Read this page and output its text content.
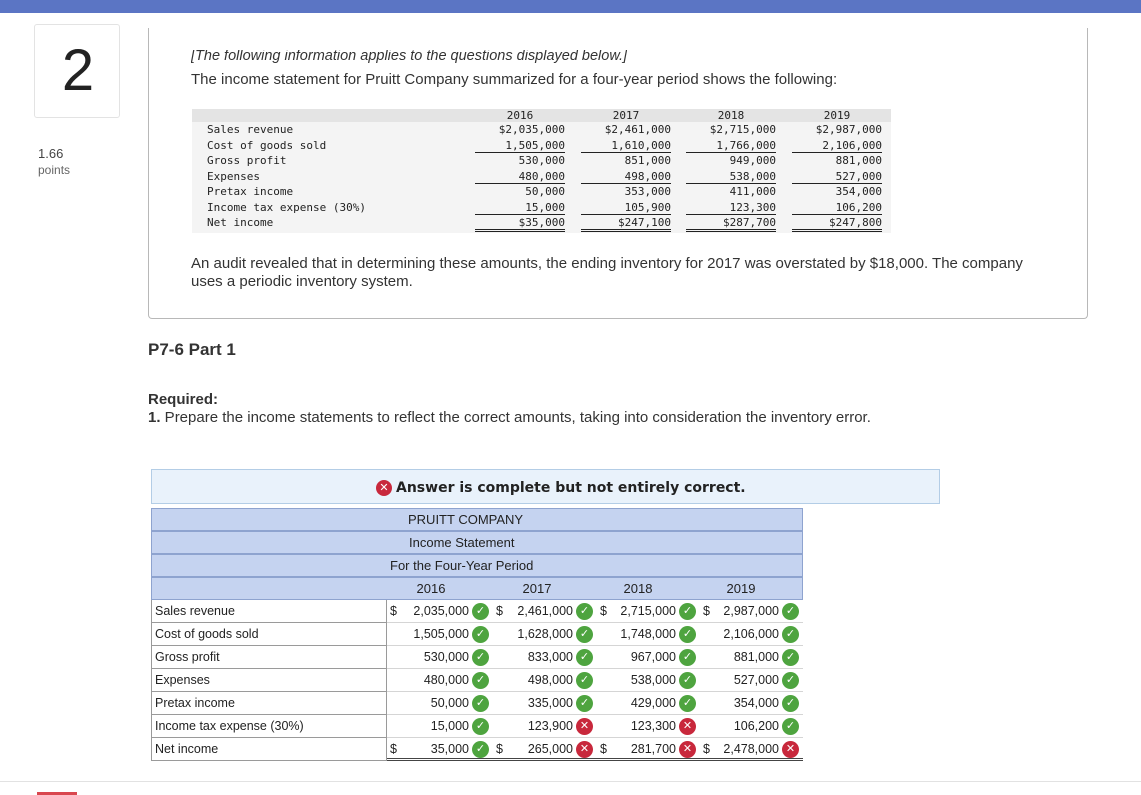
2
1.66
points
[The following information applies to the questions displayed below.]
The income statement for Pruitt Company summarized for a four-year period shows the following:
2016	2017	2018	2019
Sales revenue	$2,035,000	$2,461,000	$2,715,000	$2,987,000
Cost of goods sold	1,505,000	1,610,000	1,766,000	2,106,000
Gross profit	530,000	851,000	949,000	881,000
Expenses	480,000	498,000	538,000	527,000
Pretax income	50,000	353,000	411,000	354,000
Income tax expense (30%)	15,000	105,900	123,300	106,200
Net income	$35,000	$247,100	$287,700	$247,800
An audit revealed that in determining these amounts, the ending inventory for 2017 was overstated by $18,000. The company uses a periodic inventory system.
P7-6 Part 1
Required:
1. Prepare the income statements to reflect the correct amounts, taking into consideration the inventory error.
✕ Answer is complete but not entirely correct.
PRUITT COMPANY
Income Statement
For the Four-Year Period
2016	2017	2018	2019
Sales revenue	$ 2,035,000 ✓ $ 2,461,000 ✓ $ 2,715,000 ✓ $ 2,987,000 ✓
Cost of goods sold	1,505,000 ✓	1,628,000 ✓	1,748,000 ✓	2,106,000 ✓
Gross profit	530,000 ✓	833,000 ✓	967,000 ✓	881,000 ✓
Expenses	480,000 ✓	498,000 ✓	538,000 ✓	527,000 ✓
Pretax income	50,000 ✓	335,000 ✓	429,000 ✓	354,000 ✓
Income tax expense (30%)	15,000 ✓	123,900 ✕	123,300 ✕	106,200 ✓
Net income	$	35,000 ✓ $ 265,000 ✕ $ 281,700 ✕ $ 2,478,000 ✕
